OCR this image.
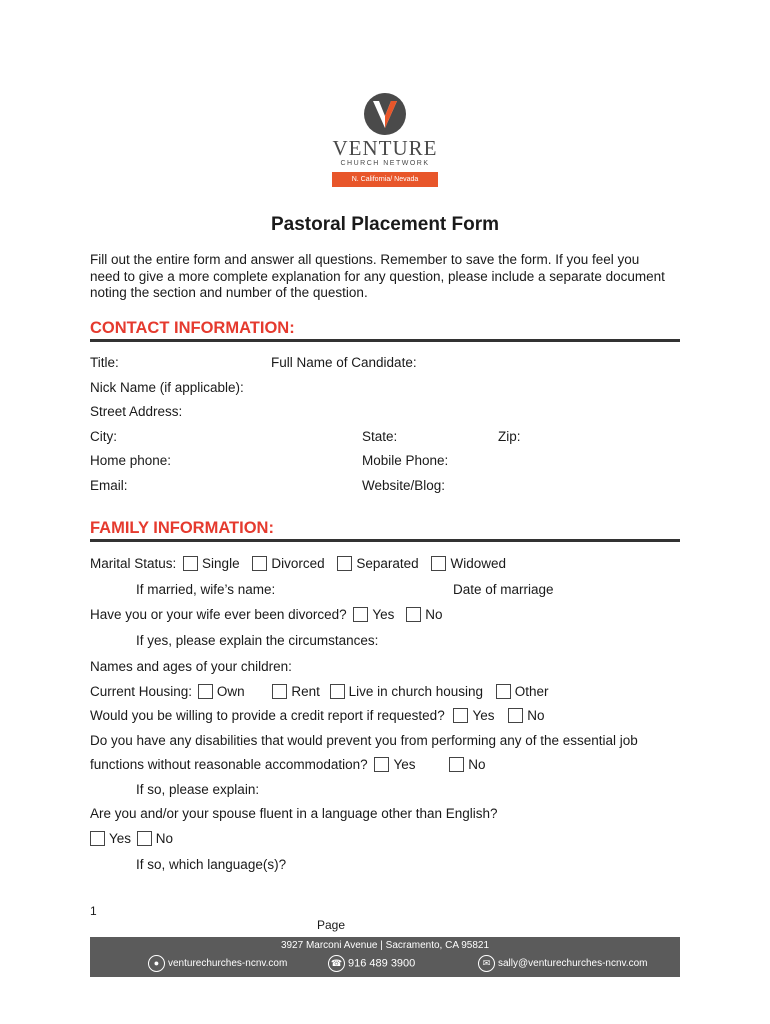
VENTURE
CHURCH NETWORK
N. California/ Nevada
Pastoral Placement Form
Fill out the entire form and answer all questions. Remember to save the form. If you feel you need to give a more complete explanation for any question, please include a separate document noting the section and number of the question.
CONTACT INFORMATION:
Title:	Full Name of Candidate:
Nick Name (if applicable):
Street Address:
City:	State:	Zip:
Home phone:	Mobile Phone:
Email:	Website/Blog:
FAMILY INFORMATION:
Marital Status: Single Divorced Separated Widowed
If married, wife’s name:	Date of marriage
Have you or your wife ever been divorced? Yes No
If yes, please explain the circumstances:
Names and ages of your children:
Current Housing: Own	Rent Live in church housing Other
Would you be willing to provide a credit report if requested? Yes No
Do you have any disabilities that would prevent you from performing any of the essential job
functions without reasonable accommodation? Yes	No
If so, please explain:
Are you and/or your spouse fluent in a language other than English?
Yes No
If so, which language(s)?
1
Page
3927 Marconi Avenue | Sacramento, CA 95821
● venturechurches-ncnv.com	☎ 916 489 3900	✉ sally@venturechurches-ncnv.com
